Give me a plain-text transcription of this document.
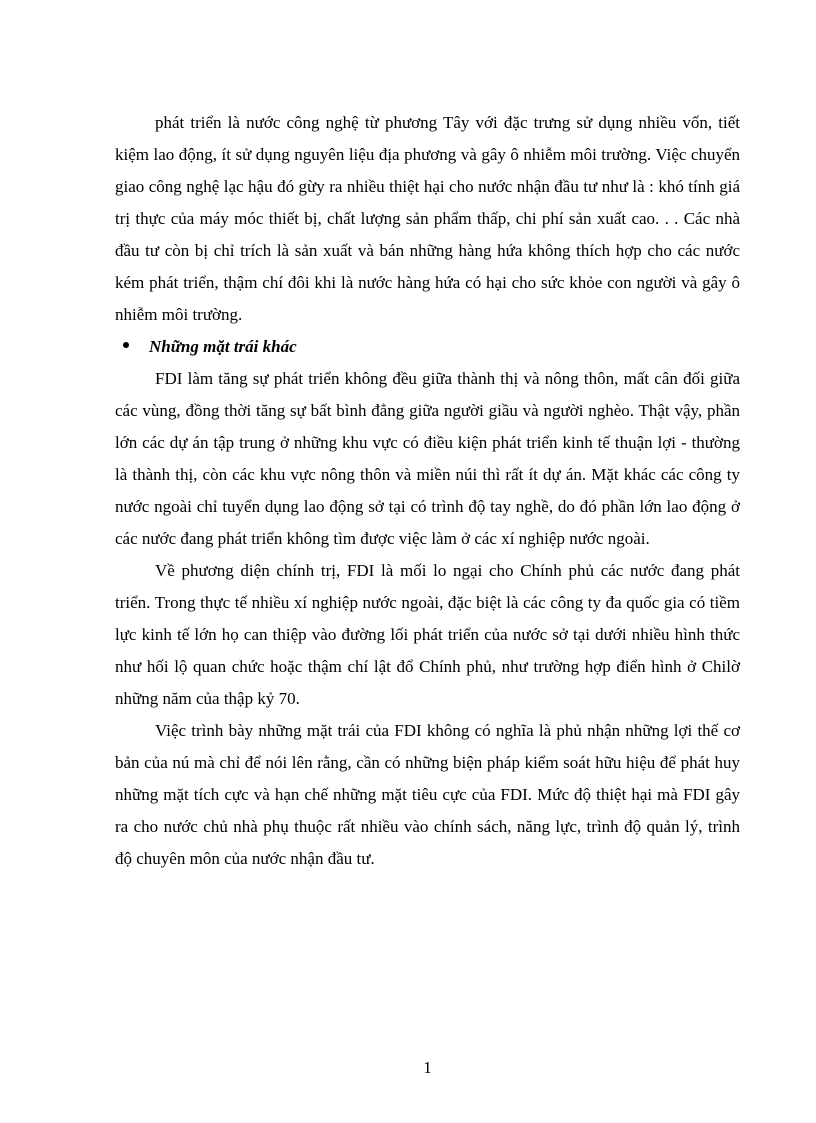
phát triển là nước công nghệ từ phương Tây với đặc trưng sử dụng nhiều vốn, tiết kiệm lao động, ít sử dụng nguyên liệu địa phương và gây ô nhiễm môi trường. Việc chuyển giao công nghệ lạc hậu đó gừy ra nhiều thiệt hại cho nước nhận đầu tư như là : khó tính giá trị thực của máy móc thiết bị, chất lượng sản phẩm thấp, chi phí sản xuất cao. . . Các nhà đầu tư còn bị chỉ trích là sản xuất và bán những hàng hứa không thích hợp cho các nước kém phát triển, thậm chí đôi khi là nước hàng hứa có hại cho sức khỏe con người và gây ô nhiễm môi trường.

Những mặt trái khác

FDI làm tăng sự phát triển không đều giữa thành thị và nông thôn, mất cân đối giữa các vùng, đồng thời tăng sự bất bình đẳng giữa người giầu và người nghèo. Thật vậy, phần lớn các dự án tập trung ở những khu vực có điều kiện phát triển kinh tế thuận lợi - thường là thành thị, còn các khu vực nông thôn và miền núi thì rất ít dự án. Mặt khác các công ty nước ngoài chỉ tuyển dụng lao động sở tại có trình độ tay nghề, do đó phần lớn lao động ở các nước đang phát triển không tìm được việc làm ở các xí nghiệp nước ngoài.

Về phương diện chính trị, FDI là mối lo ngại cho Chính phủ các nước đang phát triển. Trong thực tế nhiều xí nghiệp nước ngoài, đặc biệt là các công ty đa quốc gia có tiềm lực kinh tế lớn họ can thiệp vào đường lối phát triển của nước sở tại dưới nhiều hình thức như hối lộ quan chức hoặc thậm chí lật đổ Chính phủ, như trường hợp điển hình ở Chilờ những năm của thập kỷ 70.

Việc trình bày những mặt trái của FDI không có nghĩa là phủ nhận những lợi thế cơ bản của nú mà chỉ để nói lên rằng, cần có những biện pháp kiểm soát hữu hiệu để phát huy những mặt tích cực và hạn chế những mặt tiêu cực của FDI. Mức độ thiệt hại mà FDI gây ra cho nước chủ nhà phụ thuộc rất nhiều vào chính sách, năng lực, trình độ quản lý, trình độ chuyên môn của nước nhận đầu tư.

1
